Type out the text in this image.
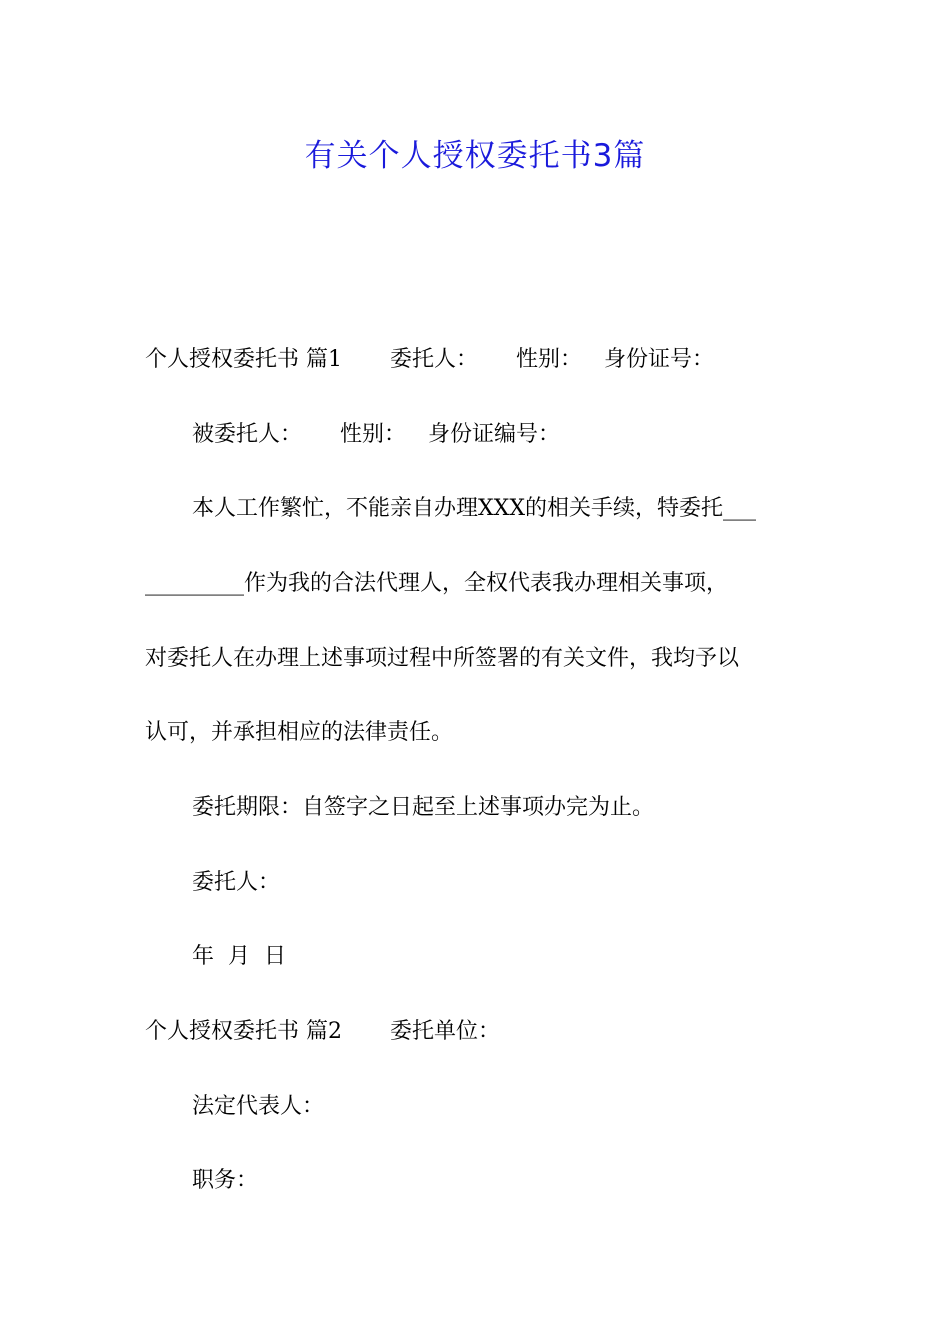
有关个人授权委托书3篇
个人授权委托书 篇1 委托人： 性别： 身份证号：
被委托人： 性别： 身份证编号：
本人工作繁忙，不能亲自办理XXX的相关手续，特委托___
_________作为我的合法代理人，全权代表我办理相关事项，
对委托人在办理上述事项过程中所签署的有关文件，我均予以
认可，并承担相应的法律责任。
委托期限：自签字之日起至上述事项办完为止。
委托人：
年  月  日
个人授权委托书 篇2 委托单位：
法定代表人：
职务：
